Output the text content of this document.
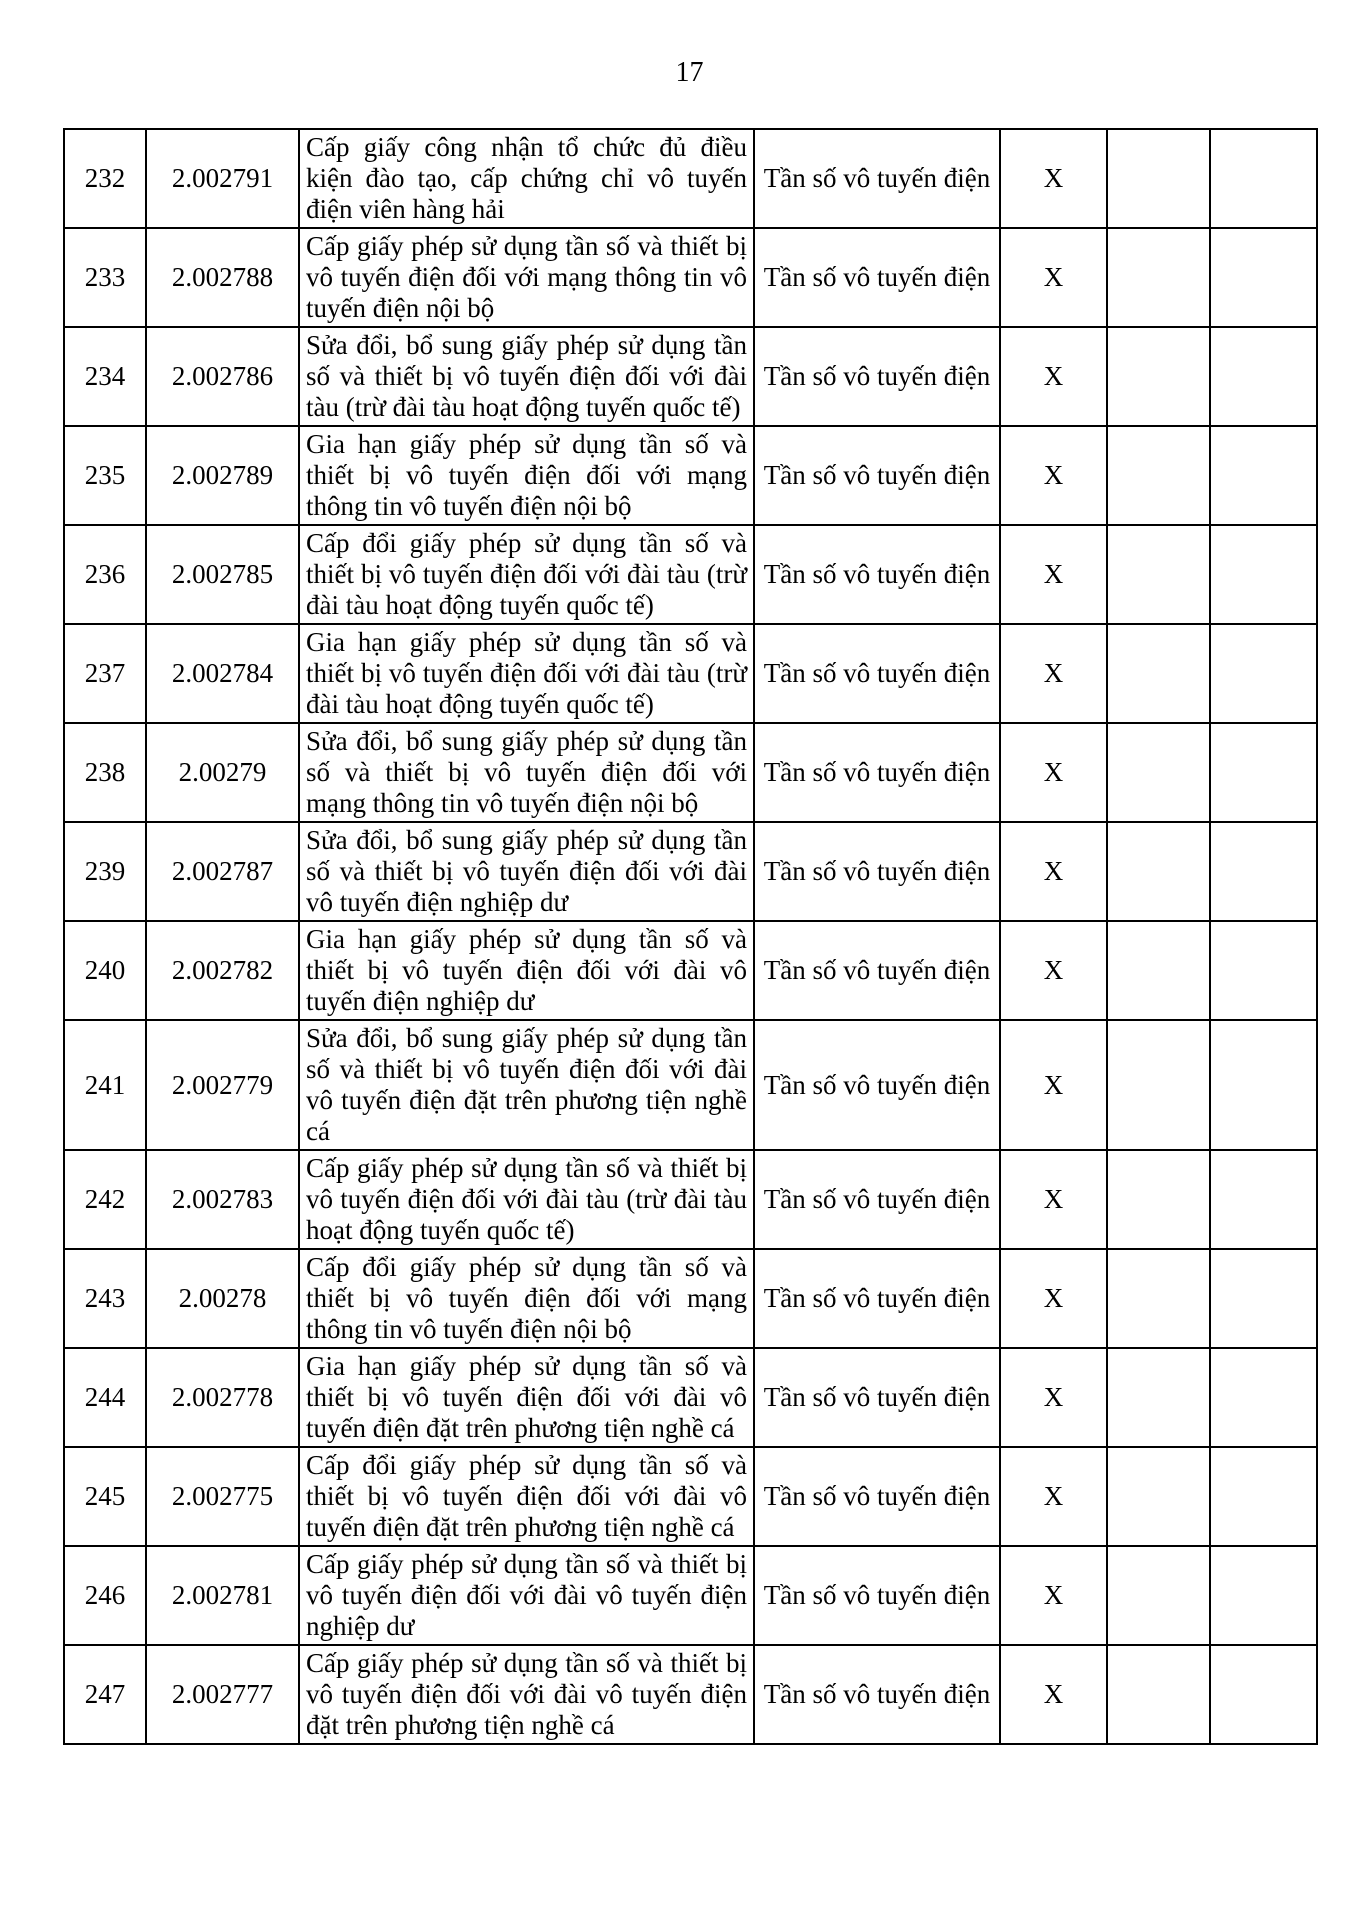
17
232	2.002791	Cấp giấy công nhận tổ chức đủ điều kiện đào tạo, cấp chứng chỉ vô tuyến điện viên hàng hải	Tần số vô tuyến điện	X		
233	2.002788	Cấp giấy phép sử dụng tần số và thiết bị vô tuyến điện đối với mạng thông tin vô tuyến điện nội bộ	Tần số vô tuyến điện	X		
234	2.002786	Sửa đổi, bổ sung giấy phép sử dụng tần số và thiết bị vô tuyến điện đối với đài tàu (trừ đài tàu hoạt động tuyến quốc tế)	Tần số vô tuyến điện	X		
235	2.002789	Gia hạn giấy phép sử dụng tần số và thiết bị vô tuyến điện đối với mạng thông tin vô tuyến điện nội bộ	Tần số vô tuyến điện	X		
236	2.002785	Cấp đổi giấy phép sử dụng tần số và thiết bị vô tuyến điện đối với đài tàu (trừ đài tàu hoạt động tuyến quốc tế)	Tần số vô tuyến điện	X		
237	2.002784	Gia hạn giấy phép sử dụng tần số và thiết bị vô tuyến điện đối với đài tàu (trừ đài tàu hoạt động tuyến quốc tế)	Tần số vô tuyến điện	X		
238	2.00279	Sửa đổi, bổ sung giấy phép sử dụng tần số và thiết bị vô tuyến điện đối với mạng thông tin vô tuyến điện nội bộ	Tần số vô tuyến điện	X		
239	2.002787	Sửa đổi, bổ sung giấy phép sử dụng tần số và thiết bị vô tuyến điện đối với đài vô tuyến điện nghiệp dư	Tần số vô tuyến điện	X		
240	2.002782	Gia hạn giấy phép sử dụng tần số và thiết bị vô tuyến điện đối với đài vô tuyến điện nghiệp dư	Tần số vô tuyến điện	X		
241	2.002779	Sửa đổi, bổ sung giấy phép sử dụng tần số và thiết bị vô tuyến điện đối với đài vô tuyến điện đặt trên phương tiện nghề cá	Tần số vô tuyến điện	X		
242	2.002783	Cấp giấy phép sử dụng tần số và thiết bị vô tuyến điện đối với đài tàu (trừ đài tàu hoạt động tuyến quốc tế)	Tần số vô tuyến điện	X		
243	2.00278	Cấp đổi giấy phép sử dụng tần số và thiết bị vô tuyến điện đối với mạng thông tin vô tuyến điện nội bộ	Tần số vô tuyến điện	X		
244	2.002778	Gia hạn giấy phép sử dụng tần số và thiết bị vô tuyến điện đối với đài vô tuyến điện đặt trên phương tiện nghề cá	Tần số vô tuyến điện	X		
245	2.002775	Cấp đổi giấy phép sử dụng tần số và thiết bị vô tuyến điện đối với đài vô tuyến điện đặt trên phương tiện nghề cá	Tần số vô tuyến điện	X		
246	2.002781	Cấp giấy phép sử dụng tần số và thiết bị vô tuyến điện đối với đài vô tuyến điện nghiệp dư	Tần số vô tuyến điện	X		
247	2.002777	Cấp giấy phép sử dụng tần số và thiết bị vô tuyến điện đối với đài vô tuyến điện đặt trên phương tiện nghề cá	Tần số vô tuyến điện	X		
